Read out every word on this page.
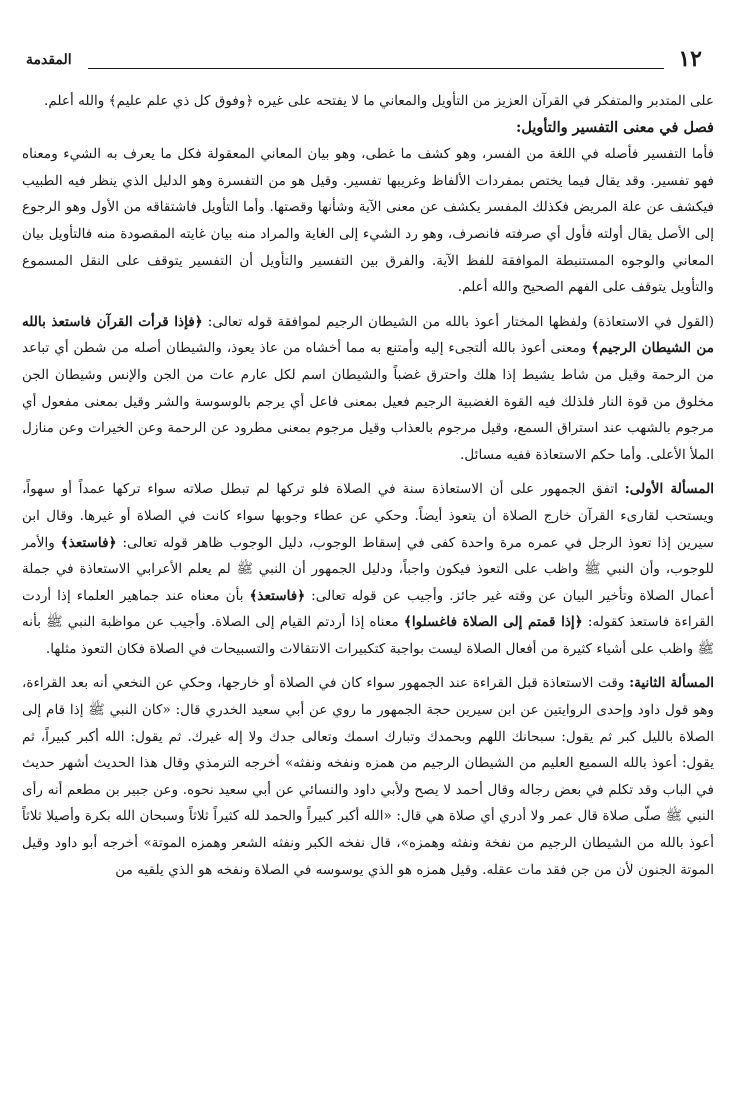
١٢
المقدمة

على المتدبر والمتفكر في القرآن العزيز من التأويل والمعاني ما لا يفتحه على غيره ﴿وفوق كل ذي علم عليم﴾ والله أعلم.

فصل في معنى التفسير والتأويل:

فأما التفسير فأصله في اللغة من الفسر، وهو كشف ما غطى، وهو بيان المعاني المعقولة فكل ما يعرف به الشيء ومعناه فهو تفسير. وقد يقال فيما يختص بمفردات الألفاظ وغريبها تفسير. وقيل هو من التفسرة وهو الدليل الذي ينظر فيه الطبيب فيكشف عن علة المريض فكذلك المفسر يكشف عن معنى الآية وشأنها وقصتها. وأما التأويل فاشتقاقه من الأول وهو الرجوع إلى الأصل يقال أولته فأول أي صرفته فانصرف، وهو رد الشيء إلى الغاية والمراد منه بيان غايته المقصودة منه فالتأويل بيان المعاني والوجوه المستنبطة الموافقة للفظ الآية. والفرق بين التفسير والتأويل أن التفسير يتوقف على النقل المسموع والتأويل يتوقف على الفهم الصحيح والله أعلم.

(القول في الاستعاذة) ولفظها المختار أعوذ بالله من الشيطان الرجيم لموافقة قوله تعالى: ﴿فإذا قرأت القرآن فاستعذ بالله من الشيطان الرجيم﴾ ومعنى أعوذ بالله ألتجىء إليه وأمتنع به مما أخشاه من عاذ يعوذ، والشيطان أصله من شطن أي تباعد من الرحمة وقيل من شاط يشيط إذا هلك واحترق غضباً والشيطان اسم لكل عارم عات من الجن والإنس وشيطان الجن مخلوق من قوة النار فلذلك فيه القوة الغضبية الرجيم فعيل بمعنى فاعل أي يرجم بالوسوسة والشر وقيل بمعنى مفعول أي مرجوم بالشهب عند استراق السمع، وقيل مرجوم بالعذاب وقيل مرجوم بمعنى مطرود عن الرحمة وعن الخيرات وعن منازل الملأ الأعلى. وأما حكم الاستعاذة ففيه مسائل.

المسألة الأولى: اتفق الجمهور على أن الاستعاذة سنة في الصلاة فلو تركها لم تبطل صلاته سواء تركها عمداً أو سهواً، ويستحب لقارىء القرآن خارج الصلاة أن يتعوذ أيضاً. وحكي عن عطاء وجوبها سواء كانت في الصلاة أو غيرها. وقال ابن سيرين إذا تعوذ الرجل في عمره مرة واحدة كفى في إسقاط الوجوب، دليل الوجوب ظاهر قوله تعالى: ﴿فاستعذ﴾ والأمر للوجوب، وأن النبي ﷺ واظب على التعوذ فيكون واجباً، ودليل الجمهور أن النبي ﷺ لم يعلم الأعرابي الاستعاذة في جملة أعمال الصلاة وتأخير البيان عن وقته غير جائز. وأجيب عن قوله تعالى: ﴿فاستعذ﴾ بأن معناه عند جماهير العلماء إذا أردت القراءة فاستعذ كقوله: ﴿إذا قمتم إلى الصلاة فاغسلوا﴾ معناه إذا أردتم القيام إلى الصلاة. وأجيب عن مواظبة النبي ﷺ بأنه ﷺ واظب على أشياء كثيرة من أفعال الصلاة ليست بواجبة كتكبيرات الانتقالات والتسبيحات في الصلاة فكان التعوذ مثلها.

المسألة الثانية: وقت الاستعاذة قبل القراءة عند الجمهور سواء كان في الصلاة أو خارجها، وحكي عن النخعي أنه بعد القراءة، وهو قول داود وإحدى الروايتين عن ابن سيرين حجة الجمهور ما روي عن أبي سعيد الخدري قال: «كان النبي ﷺ إذا قام إلى الصلاة بالليل كبر ثم يقول: سبحانك اللهم وبحمدك وتبارك اسمك وتعالى جدك ولا إله غيرك. ثم يقول: الله أكبر كبيراً، ثم يقول: أعوذ بالله السميع العليم من الشيطان الرجيم من همزه ونفخه ونفثه» أخرجه الترمذي وقال هذا الحديث أشهر حديث في الباب وقد تكلم في بعض رجاله وقال أحمد لا يصح ولأبي داود والنسائي عن أبي سعيد نحوه. وعن جبير بن مطعم أنه رأى النبي ﷺ صلّى صلاة قال عمر ولا أدري أي صلاة هي قال: «الله أكبر كبيراً والحمد لله كثيراً ثلاثاً وسبحان الله بكرة وأصيلا ثلاثاً أعوذ بالله من الشيطان الرجيم من نفخة ونفثه وهمزه»، قال نفخه الكبر ونفثه الشعر وهمزه الموتة» أخرجه أبو داود وقيل الموتة الجنون لأن من جن فقد مات عقله. وقيل همزه هو الذي يوسوسه في الصلاة ونفخه هو الذي يلقيه من
